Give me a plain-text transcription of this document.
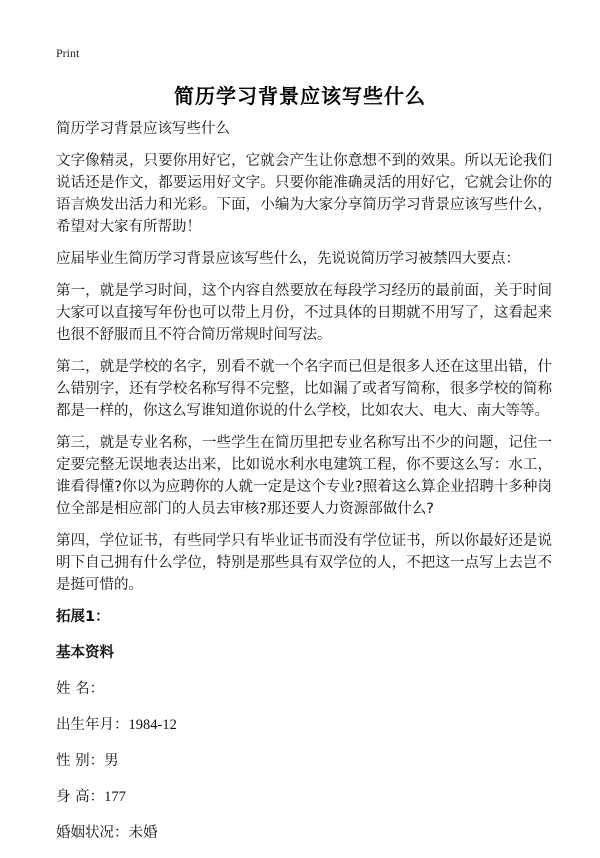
Print
简历学习背景应该写些什么

简历学习背景应该写些什么

文字像精灵，只要你用好它，它就会产生让你意想不到的效果。所以无论我们说话还是作文，都要运用好文字。只要你能准确灵活的用好它，它就会让你的语言焕发出活力和光彩。下面，小编为大家分享简历学习背景应该写些什么，希望对大家有所帮助！

应届毕业生简历学习背景应该写些什么，先说说简历学习被禁四大要点：

第一，就是学习时间，这个内容自然要放在每段学习经历的最前面，关于时间大家可以直接写年份也可以带上月份，不过具体的日期就不用写了，这看起来也很不舒服而且不符合简历常规时间写法。

第二，就是学校的名字，别看不就一个名字而已但是很多人还在这里出错，什么错别字，还有学校名称写得不完整，比如漏了或者写简称，很多学校的简称都是一样的，你这么写谁知道你说的什么学校，比如农大、电大、南大等等。

第三，就是专业名称，一些学生在简历里把专业名称写出不少的问题，记住一定要完整无误地表达出来，比如说水利水电建筑工程，你不要这么写：水工，谁看得懂?你以为应聘你的人就一定是这个专业?照着这么算企业招聘十多种岗位全部是相应部门的人员去审核?那还要人力资源部做什么?

第四，学位证书，有些同学只有毕业证书而没有学位证书，所以你最好还是说明下自己拥有什么学位，特别是那些具有双学位的人，不把这一点写上去岂不是挺可惜的。

拓展1：

基本资料

姓 名：

出生年月：1984-12

性 别：男

身 高：177

婚姻状况：未婚
